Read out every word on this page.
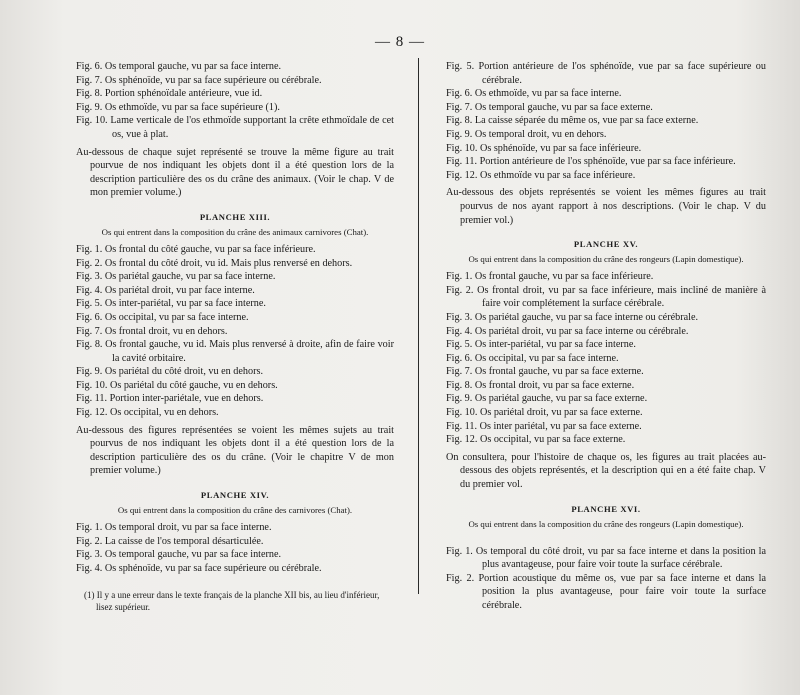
— 8 —
Fig. 6. Os temporal gauche, vu par sa face interne.
Fig. 7. Os sphénoïde, vu par sa face supérieure ou cérébrale.
Fig. 8. Portion sphénoïdale antérieure, vue id.
Fig. 9. Os ethmoïde, vu par sa face supérieure (1).
Fig. 10. Lame verticale de l'os ethmoïde supportant la crête ethmoïdale de cet os, vue à plat.
Au-dessous de chaque sujet représenté se trouve la même figure au trait pourvue de nos indiquant les objets dont il a été question lors de la description particulière des os du crâne des animaux. (Voir le chap. V de mon premier volume.)
PLANCHE XIII.
Os qui entrent dans la composition du crâne des animaux carnivores (Chat).
Fig. 1. Os frontal du côté gauche, vu par sa face inférieure.
Fig. 2. Os frontal du côté droit, vu id. Mais plus renversé en dehors.
Fig. 3. Os pariétal gauche, vu par sa face interne.
Fig. 4. Os pariétal droit, vu par face interne.
Fig. 5. Os inter-pariétal, vu par sa face interne.
Fig. 6. Os occipital, vu par sa face interne.
Fig. 7. Os frontal droit, vu en dehors.
Fig. 8. Os frontal gauche, vu id. Mais plus renversé à droite, afin de faire voir la cavité orbitaire.
Fig. 9. Os pariétal du côté droit, vu en dehors.
Fig. 10. Os pariétal du côté gauche, vu en dehors.
Fig. 11. Portion inter-pariétale, vue en dehors.
Fig. 12. Os occipital, vu en dehors.
Au-dessous des figures représentées se voient les mêmes sujets au trait pourvus de nos indiquant les objets dont il a été question lors de la description particulière des os du crâne. (Voir le chapitre V de mon premier volume.)
PLANCHE XIV.
Os qui entrent dans la composition du crâne des carnivores (Chat).
Fig. 1. Os temporal droit, vu par sa face interne.
Fig. 2. La caisse de l'os temporal désarticulée.
Fig. 3. Os temporal gauche, vu par sa face interne.
Fig. 4. Os sphénoïde, vu par sa face supérieure ou cérébrale.
(1) Il y a une erreur dans le texte français de la planche XII bis, au lieu d'inférieur, lisez supérieur.
Fig. 5. Portion antérieure de l'os sphénoïde, vue par sa face supérieure ou cérébrale.
Fig. 6. Os ethmoïde, vu par sa face interne.
Fig. 7. Os temporal gauche, vu par sa face externe.
Fig. 8. La caisse séparée du même os, vue par sa face externe.
Fig. 9. Os temporal droit, vu en dehors.
Fig. 10. Os sphénoïde, vu par sa face inférieure.
Fig. 11. Portion antérieure de l'os sphénoïde, vue par sa face inférieure.
Fig. 12. Os ethmoïde vu par sa face inférieure.
Au-dessous des objets représentés se voient les mêmes figures au trait pourvus de nos ayant rapport à nos descriptions. (Voir le chap. V du premier vol.)
PLANCHE XV.
Os qui entrent dans la composition du crâne des rongeurs (Lapin domestique).
Fig. 1. Os frontal gauche, vu par sa face inférieure.
Fig. 2. Os frontal droit, vu par sa face inférieure, mais incliné de manière à faire voir complétement la surface cérébrale.
Fig. 3. Os pariétal gauche, vu par sa face interne ou cérébrale.
Fig. 4. Os pariétal droit, vu par sa face interne ou cérébrale.
Fig. 5. Os inter-pariétal, vu par sa face interne.
Fig. 6. Os occipital, vu par sa face interne.
Fig. 7. Os frontal gauche, vu par sa face externe.
Fig. 8. Os frontal droit, vu par sa face externe.
Fig. 9. Os pariétal gauche, vu par sa face externe.
Fig. 10. Os pariétal droit, vu par sa face externe.
Fig. 11. Os inter pariétal, vu par sa face externe.
Fig. 12. Os occipital, vu par sa face externe.
On consultera, pour l'histoire de chaque os, les figures au trait placées au-dessous des objets représentés, et la description qui en a été faite chap. V du premier vol.
PLANCHE XVI.
Os qui entrent dans la composition du crâne des rongeurs (Lapin domestique).
Fig. 1. Os temporal du côté droit, vu par sa face interne et dans la position la plus avantageuse, pour faire voir toute la surface cérébrale.
Fig. 2. Portion acoustique du même os, vue par sa face interne et dans la position la plus avantageuse, pour faire voir toute la surface cérébrale.
